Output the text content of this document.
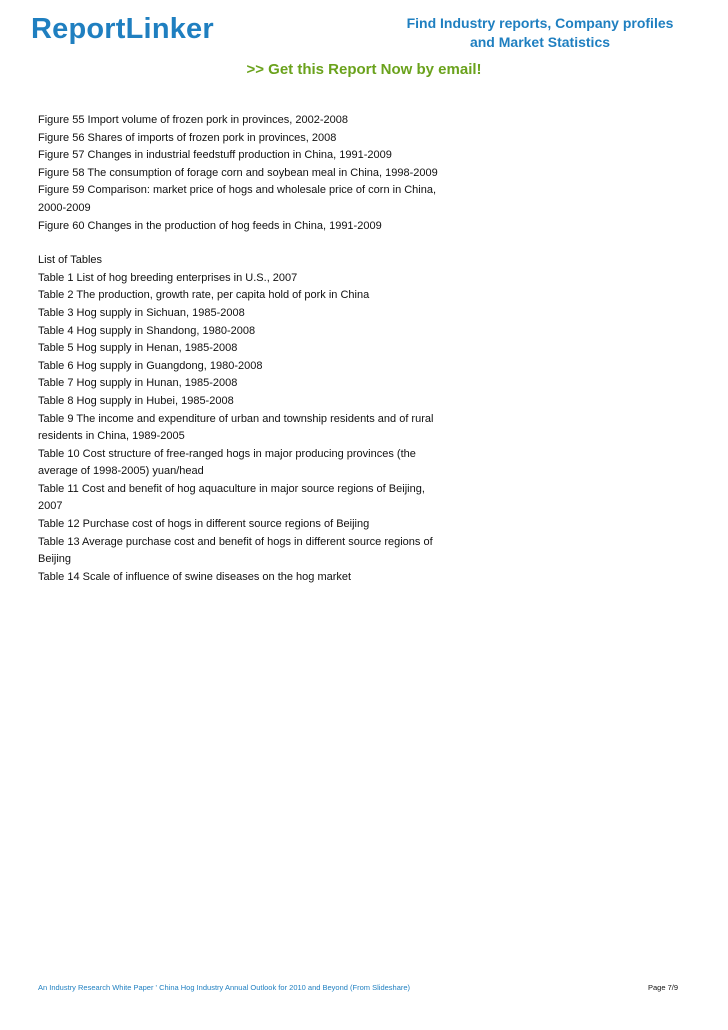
ReportLinker	Find Industry reports, Company profiles
and Market Statistics
>> Get this Report Now by email!
Figure 55 Import volume of frozen pork in provinces, 2002-2008
Figure 56 Shares of imports of frozen pork in provinces, 2008
Figure 57 Changes in industrial feedstuff production in China, 1991-2009
Figure 58 The consumption of forage corn and soybean meal in China, 1998-2009
Figure 59 Comparison: market price of hogs and wholesale price of corn in China,
2000-2009
Figure 60 Changes in the production of hog feeds in China, 1991-2009
List of Tables
Table 1 List of hog breeding enterprises in U.S., 2007
Table 2 The production, growth rate, per capita hold of pork in China
Table 3 Hog supply in Sichuan, 1985-2008
Table 4 Hog supply in Shandong, 1980-2008
Table 5 Hog supply in Henan, 1985-2008
Table 6 Hog supply in Guangdong, 1980-2008
Table 7 Hog supply in Hunan, 1985-2008
Table 8 Hog supply in Hubei, 1985-2008
Table 9 The income and expenditure of urban and township residents and of rural
residents in China, 1989-2005
Table 10 Cost structure of free-ranged hogs in major producing provinces (the
average of 1998-2005) yuan/head
Table 11 Cost and benefit of hog aquaculture in major source regions of Beijing,
2007
Table 12 Purchase cost of hogs in different source regions of Beijing
Table 13 Average purchase cost and benefit of hogs in different source regions of
Beijing
Table 14 Scale of influence of swine diseases on the hog market
An Industry Research White Paper ' China Hog Industry Annual Outlook for 2010 and Beyond (From Slideshare)	Page 7/9
